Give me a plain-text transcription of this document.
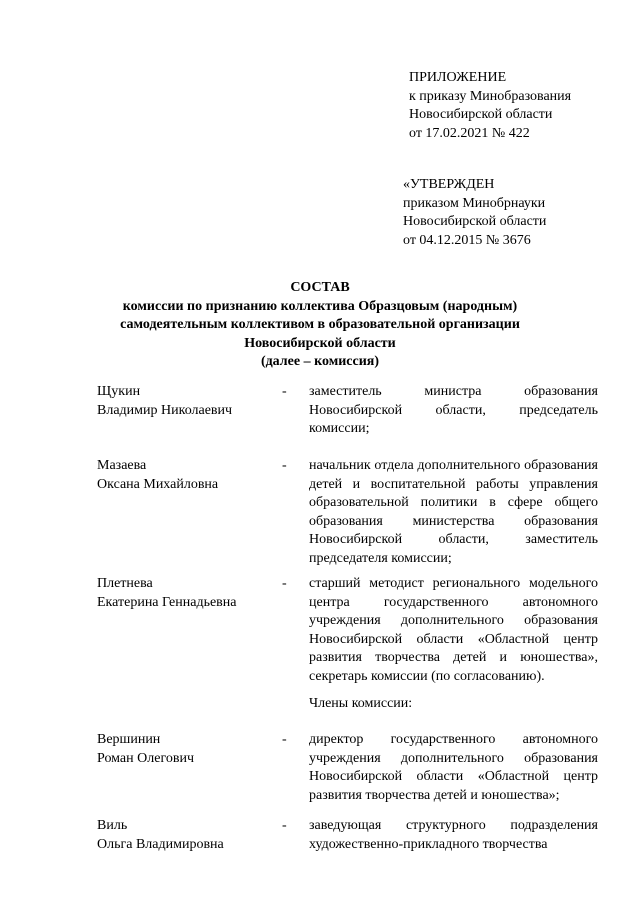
ПРИЛОЖЕНИЕ
к приказу Минобразования
Новосибирской области
от 17.02.2021 № 422
«УТВЕРЖДЕН
приказом Минобрнауки
Новосибирской области
от 04.12.2015 № 3676
СОСТАВ
комиссии по признанию коллектива Образцовым (народным)
самодеятельным коллективом в образовательной организации
Новосибирской области
(далее – комиссия)
Щукин
Владимир Николаевич
- заместитель министра образования Новосибирской области, председатель комиссии;
Мазаева
Оксана Михайловна
- начальник отдела дополнительного образования детей и воспитательной работы управления образовательной политики в сфере общего образования министерства образования Новосибирской области, заместитель председателя комиссии;
Плетнева
Екатерина Геннадьевна
- старший методист регионального модельного центра государственного автономного учреждения дополнительного образования Новосибирской области «Областной центр развития творчества детей и юношества», секретарь комиссии (по согласованию).
Члены комиссии:
Вершинин
Роман Олегович
- директор государственного автономного учреждения дополнительного образования Новосибирской области «Областной центр развития творчества детей и юношества»;
Виль
Ольга Владимировна
- заведующая структурного подразделения художественно-прикладного творчества
